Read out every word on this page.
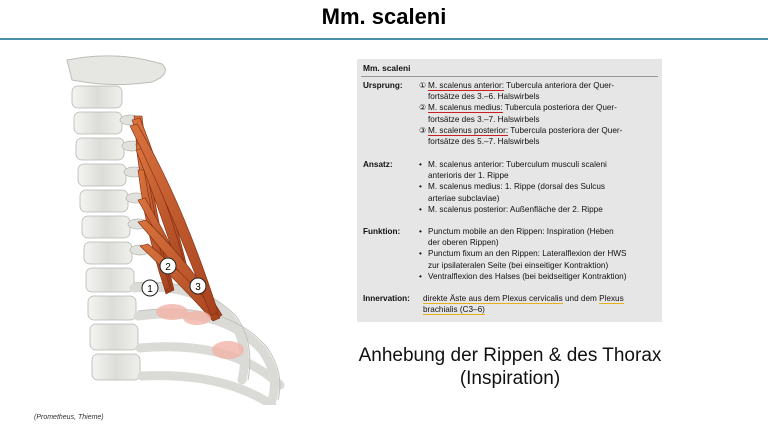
Mm. scaleni
1
2
3
(Prometheus, Thieme)
Mm. scaleni
Ursprung:	① M. scalenus anterior: Tubercula anteriora der Quer-
fortsätze des 3.–6. Halswirbels
② M. scalenus medius: Tubercula posteriora der Quer-
fortsätze des 3.–7. Halswirbels
③ M. scalenus posterior: Tubercula posteriora der Quer-
fortsätze des 5.–7. Halswirbels
Ansatz:	• M. scalenus anterior: Tuberculum musculi scaleni
anterioris der 1. Rippe
• M. scalenus medius: 1. Rippe (dorsal des Sulcus
arteriae subclaviae)
• M. scalenus posterior: Außenfläche der 2. Rippe
Funktion:	• Punctum mobile an den Rippen: Inspiration (Heben
der oberen Rippen)
• Punctum fixum an den Rippen: Lateralflexion der HWS
zur ipsilateralen Seite (bei einseitiger Kontraktion)
• Ventralflexion des Halses (bei beidseitiger Kontraktion)
Innervation:	direkte Äste aus dem Plexus cervicalis und dem Plexus
brachialis (C3–6)
Anhebung der Rippen & des Thorax
(Inspiration)
